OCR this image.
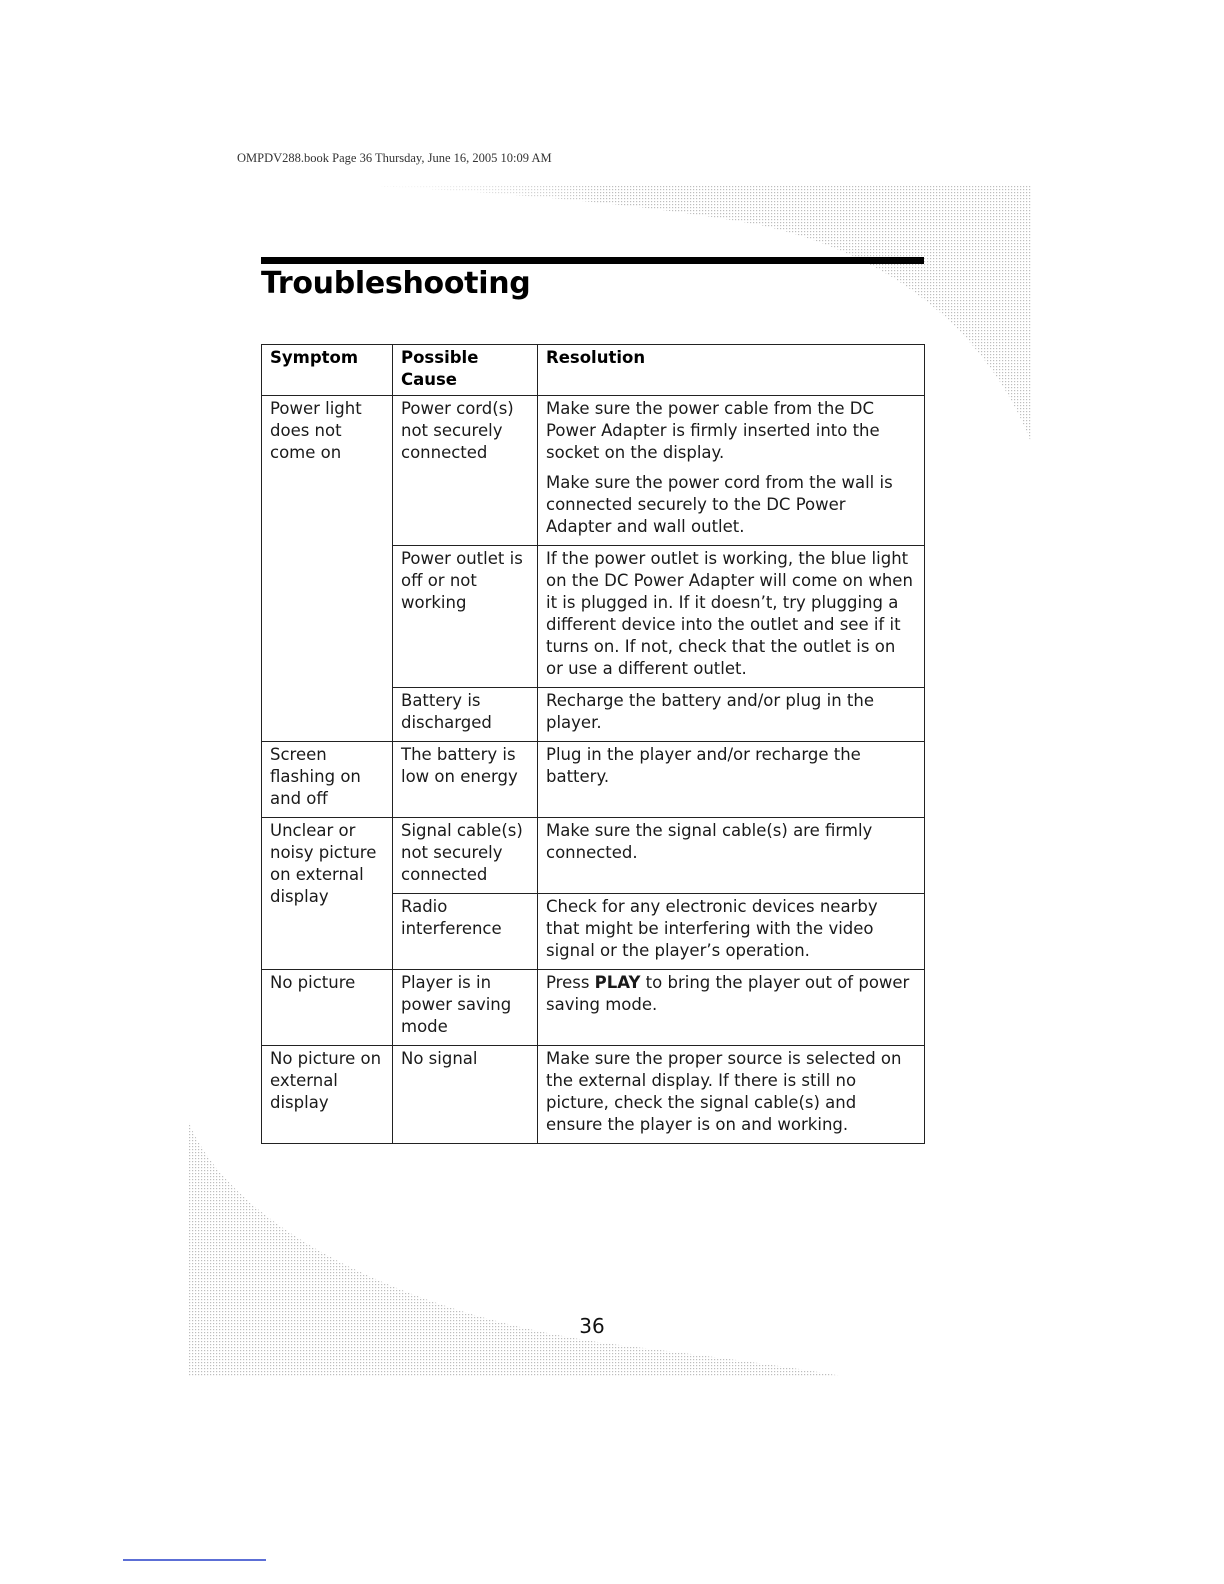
OMPDV288.book Page 36 Thursday, June 16, 2005 10:09 AM
Troubleshooting
Symptom	Possible Cause	Resolution
Power light does not come on	Power cord(s) not securely connected	Make sure the power cable from the DC Power Adapter is firmly inserted into the socket on the display.

Make sure the power cord from the wall is connected securely to the DC Power Adapter and wall outlet.

	Power outlet is off or not working	If the power outlet is working, the blue light on the DC Power Adapter will come on when it is plugged in. If it doesn’t, try plugging a different device into the outlet and see if it turns on. If not, check that the outlet is on or use a different outlet.

	Battery is discharged	Recharge the battery and/or plug in the player.

Screen flashing on and off	The battery is low on energy	Plug in the player and/or recharge the battery.

Unclear or noisy picture on external display	Signal cable(s) not securely connected	Make sure the signal cable(s) are firmly connected.

	Radio interference	Check for any electronic devices nearby that might be interfering with the video signal or the player’s operation.

No picture	Player is in power saving mode	Press PLAY to bring the player out of power saving mode.

No picture on external display	No signal	Make sure the proper source is selected on the external display. If there is still no picture, check the signal cable(s) and ensure the player is on and working.

36
